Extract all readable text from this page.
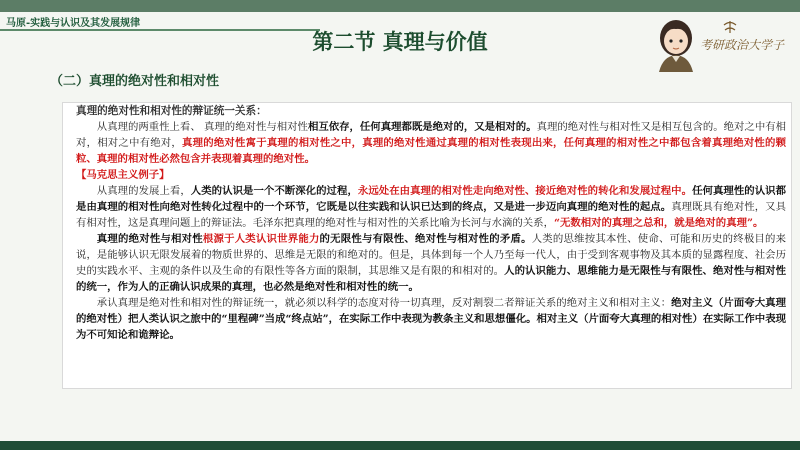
马原-实践与认识及其发展规律
第二节 真理与价值	考研政治大学子
（二）真理的绝对性和相对性

真理的绝对性和相对性的辩证统一关系：

从真理的两重性上看、 真理的绝对性与相对性相互依存，任何真理都既是绝对的，又是相对的。真理的绝对性与相对性又是相互包含的。绝对之中有相对，相对之中有绝对，真理的绝对性寓于真理的相对性之中，真理的绝对性通过真理的相对性表现出来，任何真理的相对性之中都包含着真理绝对性的颗粒、真理的相对性必然包含并表现着真理的绝对性。

【马克思主义例子】

从真理的发展上看，人类的认识是一个不断深化的过程，永远处在由真理的相对性走向绝对性、接近绝对性的转化和发展过程中。任何真理性的认识都是由真理的相对性向绝对性转化过程中的一个环节，它既是以往实践和认识已达到的终点，又是进一步迈向真理的绝对性的起点。真理既具有绝对性，又具有相对性，这是真理问题上的辩证法。毛泽东把真理的绝对性与相对性的关系比喻为长河与水滴的关系，“无数相对的真理之总和，就是绝对的真理”。

真理的绝对性与相对性根源于人类认识世界能力的无限性与有限性、绝对性与相对性的矛盾。人类的思维按其本性、使命、可能和历史的终极目的来说，是能够认识无限发展着的物质世界的、思维是无限的和绝对的。但是，具体到每一个人乃至每一代人，由于受到客观事物及其本质的显露程度、社会历史的实践水平、主观的条件以及生命的有限性等各方面的限制，其思维又是有限的和相对的。人的认识能力、思维能力是无限性与有限性、绝对性与相对性的统一，作为人的正确认识成果的真理，也必然是绝对性和相对性的统一。

承认真理是绝对性和相对性的辩证统一，就必须以科学的态度对待一切真理，反对割裂二者辩证关系的绝对主义和相对主义：绝对主义（片面夸大真理的绝对性）把人类认识之旅中的“里程碑”当成“终点站”，在实际工作中表现为教条主义和思想僵化。相对主义（片面夸大真理的相对性）在实际工作中表现为不可知论和诡辩论。
